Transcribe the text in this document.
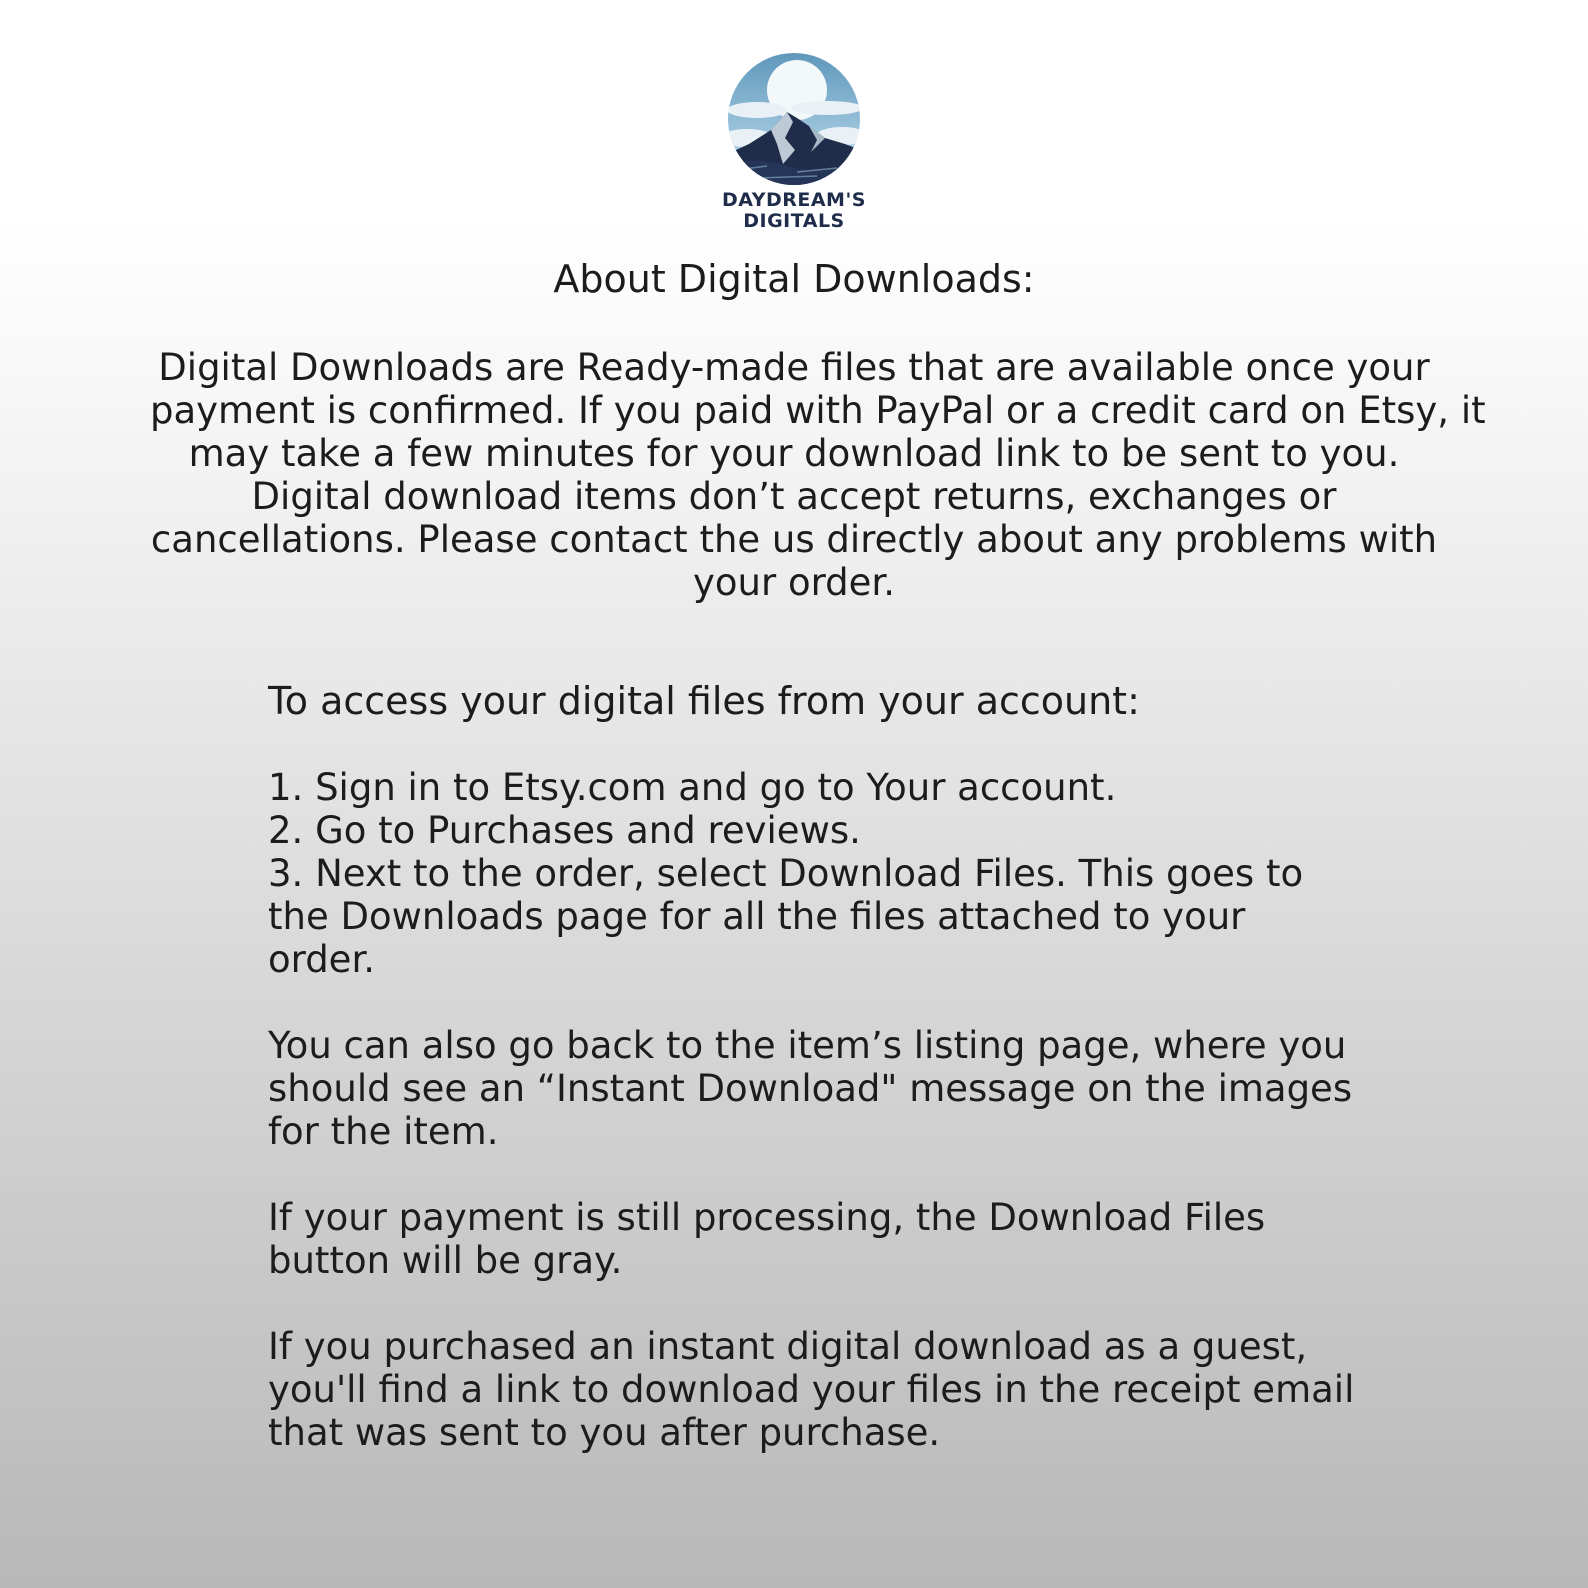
DAYDREAM'S
DIGITALS
About Digital Downloads:

Digital Downloads are Ready-made files that are available once your

payment is confirmed. If you paid with PayPal or a credit card on Etsy, it

may take a few minutes for your download link to be sent to you.

Digital download items don’t accept returns, exchanges or

cancellations. Please contact the us directly about any problems with

your order.

To access your digital files from your account:

1. Sign in to Etsy.com and go to Your account.

2. Go to Purchases and reviews.

3. Next to the order, select Download Files. This goes to

the Downloads page for all the files attached to your

order.

You can also go back to the item’s listing page, where you

should see an “Instant Download" message on the images

for the item.

If your payment is still processing, the Download Files

button will be gray.

If you purchased an instant digital download as a guest,

you'll find a link to download your files in the receipt email

that was sent to you after purchase.
